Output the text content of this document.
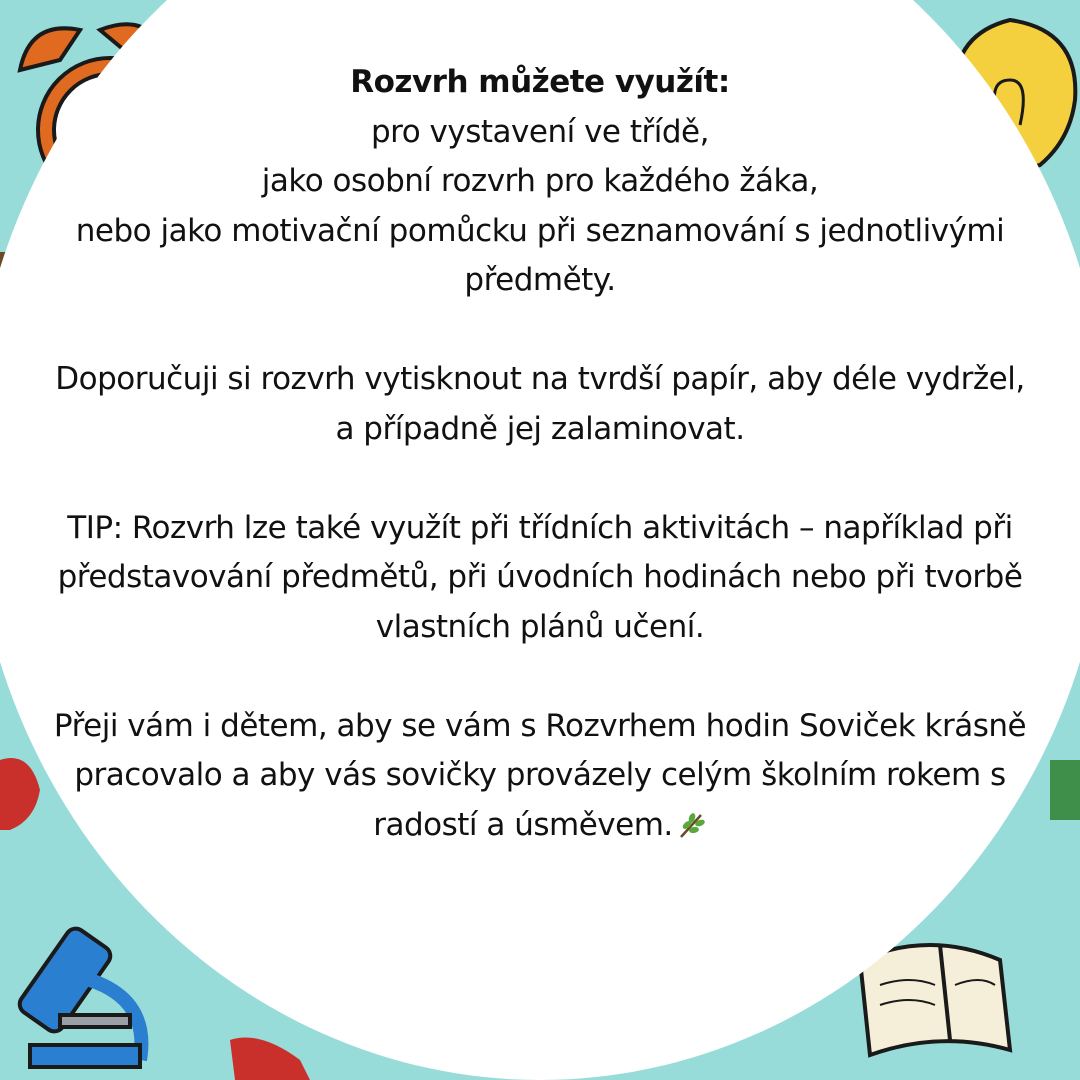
Rozvrh můžete využít:
pro vystavení ve třídě,
jako osobní rozvrh pro každého žáka,
nebo jako motivační pomůcku při seznamování s jednotlivými
předměty.

Doporučuji si rozvrh vytisknout na tvrdší papír, aby déle vydržel,
a případně jej zalaminovat.

TIP: Rozvrh lze také využít při třídních aktivitách – například při
představování předmětů, při úvodních hodinách nebo při tvorbě
vlastních plánů učení.

Přeji vám i dětem, aby se vám s Rozvrhem hodin Soviček krásně
pracovalo a aby vás sovičky provázely celým školním rokem s
radostí a úsměvem.
